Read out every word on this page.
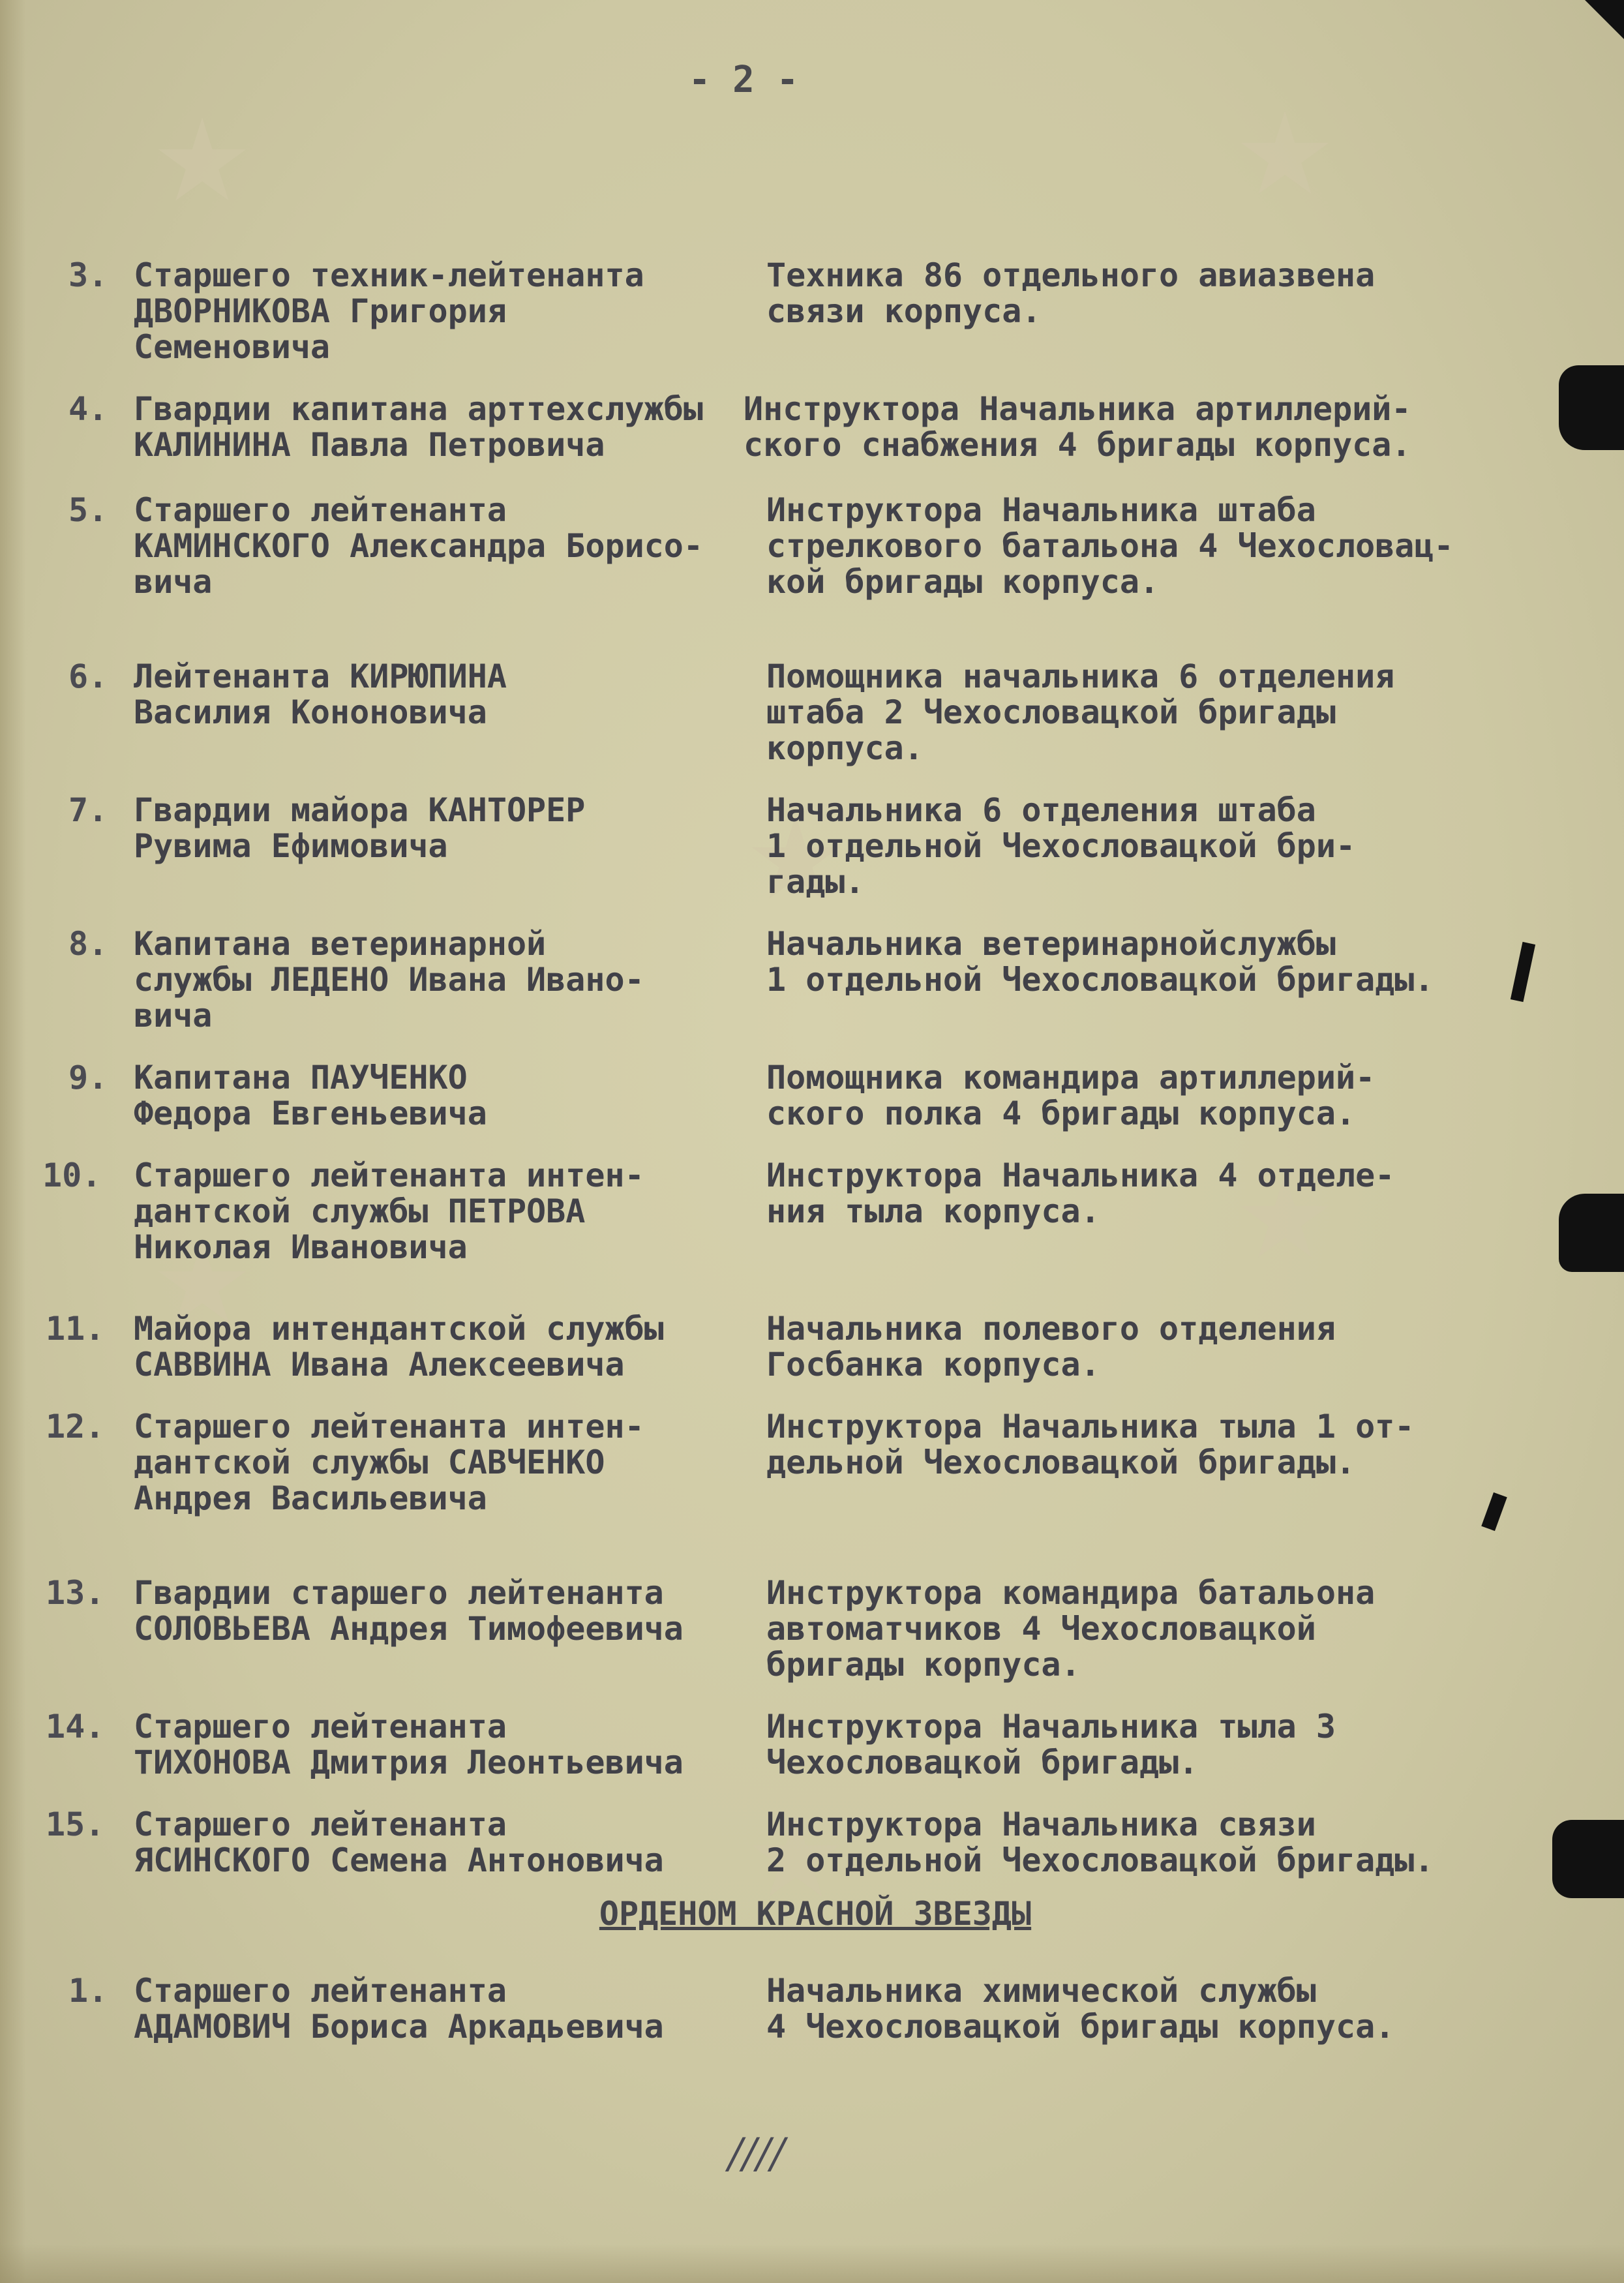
- 2 -
3. Старшего техник-лейтенанта
ДВОРНИКОВА Григория
Семеновича
Техника 86 отдельного авиазвена
связи корпуса.
4. Гвардии капитана арттехслужбы
КАЛИНИНА Павла Петровича
Инструктора Начальника артиллерий-
ского снабжения 4 бригады корпуса.
5. Старшего лейтенанта
КАМИНСКОГО Александра Борисо-
вича
Инструктора Начальника штаба
стрелкового батальона 4 Чехословац-
кой бригады корпуса.
6. Лейтенанта КИРЮПИНА
Василия Кононовича
Помощника начальника 6 отделения
штаба 2 Чехословацкой бригады
корпуса.
7. Гвардии майора КАНТОРЕР
Рувима Ефимовича
Начальника 6 отделения штаба
1 отдельной Чехословацкой бри-
гады.
8. Капитана ветеринарной
службы ЛЕДЕНО Ивана Ивано-
вича
Начальника ветеринарнойслужбы
1 отдельной Чехословацкой бригады.
9. Капитана ПАУЧЕНКО
Федора Евгеньевича
Помощника командира артиллерий-
ского полка 4 бригады корпуса.
10. Старшего лейтенанта интен-
дантской службы ПЕТРОВА
Николая Ивановича
Инструктора Начальника 4 отделе-
ния тыла корпуса.
11. Майора интендантской службы
САВВИНА Ивана Алексеевича
Начальника полевого отделения
Госбанка корпуса.
12. Старшего лейтенанта интен-
дантской службы САВЧЕНКО
Андрея Васильевича
Инструктора Начальника тыла 1 от-
дельной Чехословацкой бригады.
13. Гвардии старшего лейтенанта
СОЛОВЬЕВА Андрея Тимофеевича
Инструктора командира батальона
автоматчиков 4 Чехословацкой
бригады корпуса.
14. Старшего лейтенанта
ТИХОНОВА Дмитрия Леонтьевича
Инструктора Начальника тыла 3
Чехословацкой бригады.
15. Старшего лейтенанта
ЯСИНСКОГО Семена Антоновича
Инструктора Начальника связи
2 отдельной Чехословацкой бригады.
ОРДЕНОМ КРАСНОЙ ЗВЕЗДЫ
1. Старшего лейтенанта
АДАМОВИЧ Бориса Аркадьевича
Начальника химической службы
4 Чехословацкой бригады корпуса.
////
